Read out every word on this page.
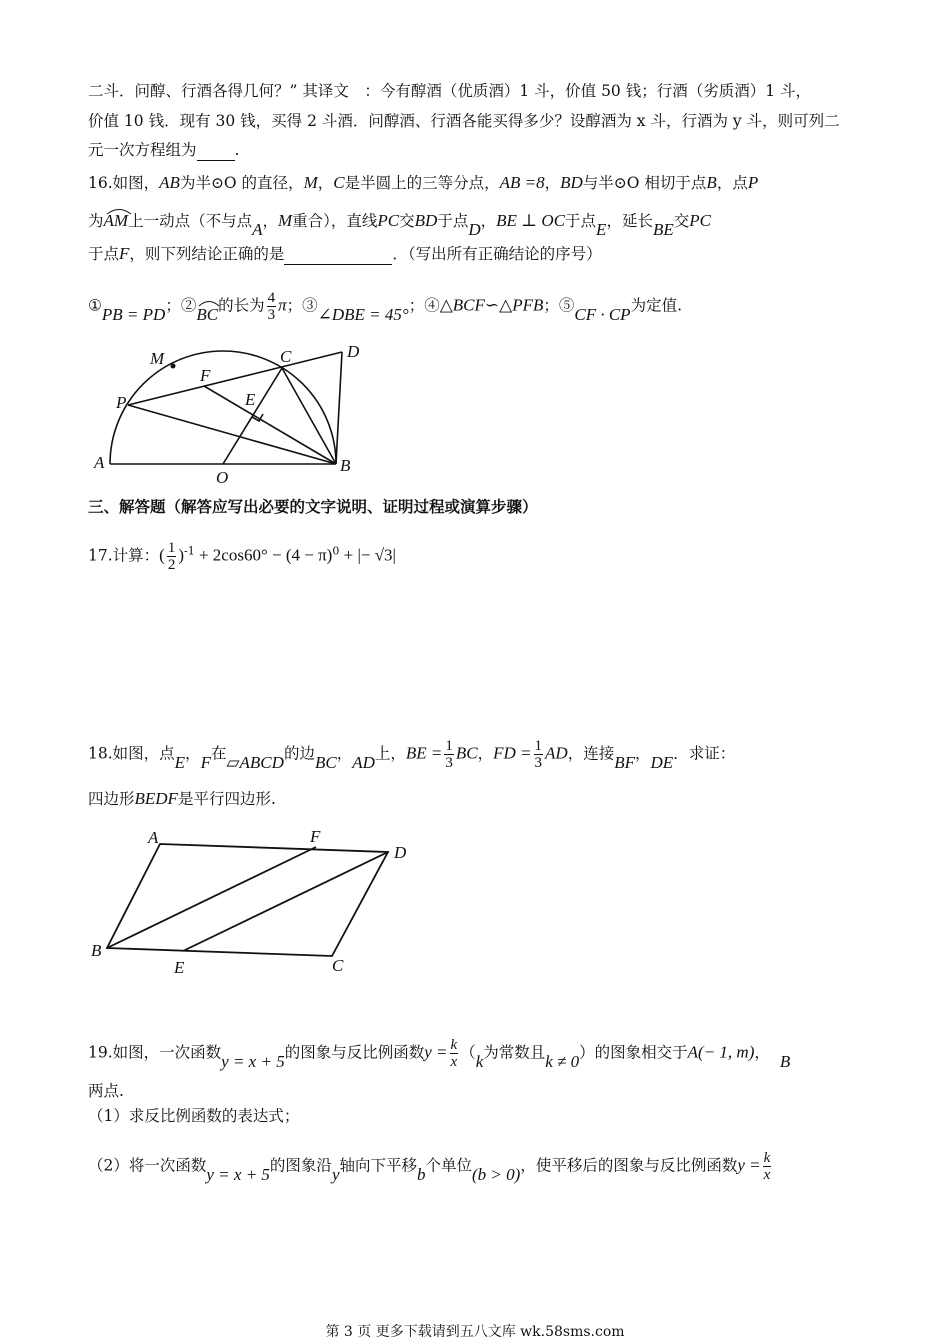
二斗．问醇、行酒各得几何？” 其译文　：今有醇酒（优质酒）1 斗，价值 50 钱；行酒（劣质酒）1 斗，
价值 10 钱．现有 30 钱，买得 2 斗酒．问醇酒、行酒各能买得多少？设醇酒为 x 斗，行酒为 y 斗，则可列二
元一次方程组为 .
16.如图，AB为半⊙O 的直径，M，C是半圆上的三等分点，AB =8，BD与半⊙O 相切于点B，点P
为
AM上一动点（不与点A，M重合），直线PC交BD于点D，BE ⊥ OC于点E，延长BE交PC
于点F，则下列结论正确的是	．（写出所有正确结论的序号）
①PB = PD；②
BC的长为 $\frac{4}{3}$ π；③∠DBE = 45°；④△BCF∽△PFB；⑤CF · CP为定值.
M	C	D
F
P	E
A
O
B
三、解答题（解答应写出必要的文字说明、证明过程或演算步骤）
17.计算：( $\frac{1}{2} )^{-1} + 2\cos 60^\circ - (4 - \pi)^0$ + |− √3|
18.如图，点E，F在▱ABCD的边BC，AD上，BE = $\frac{1}{3}$ BC，FD = $\frac{1}{3}$ AD，连接BF，DE．求证：
四边形BEDF是平行四边形.
A	F
D
B
E	C
19.如图，一次函数y = x + 5的图象与反比例函数$y = \frac{k}{x} (k$为常数且k ≠ 0）的图象相交于A(− 1, m)， B
两点.
（1）求反比例函数的表达式；
（2）将一次函数y = x + 5的图象沿y轴向下平移b个单位(b > 0)，使平移后的图象与反比例函数$y = \frac{k}{x}$
第 3 页 更多下载请到五八文库 wk.58sms.com
